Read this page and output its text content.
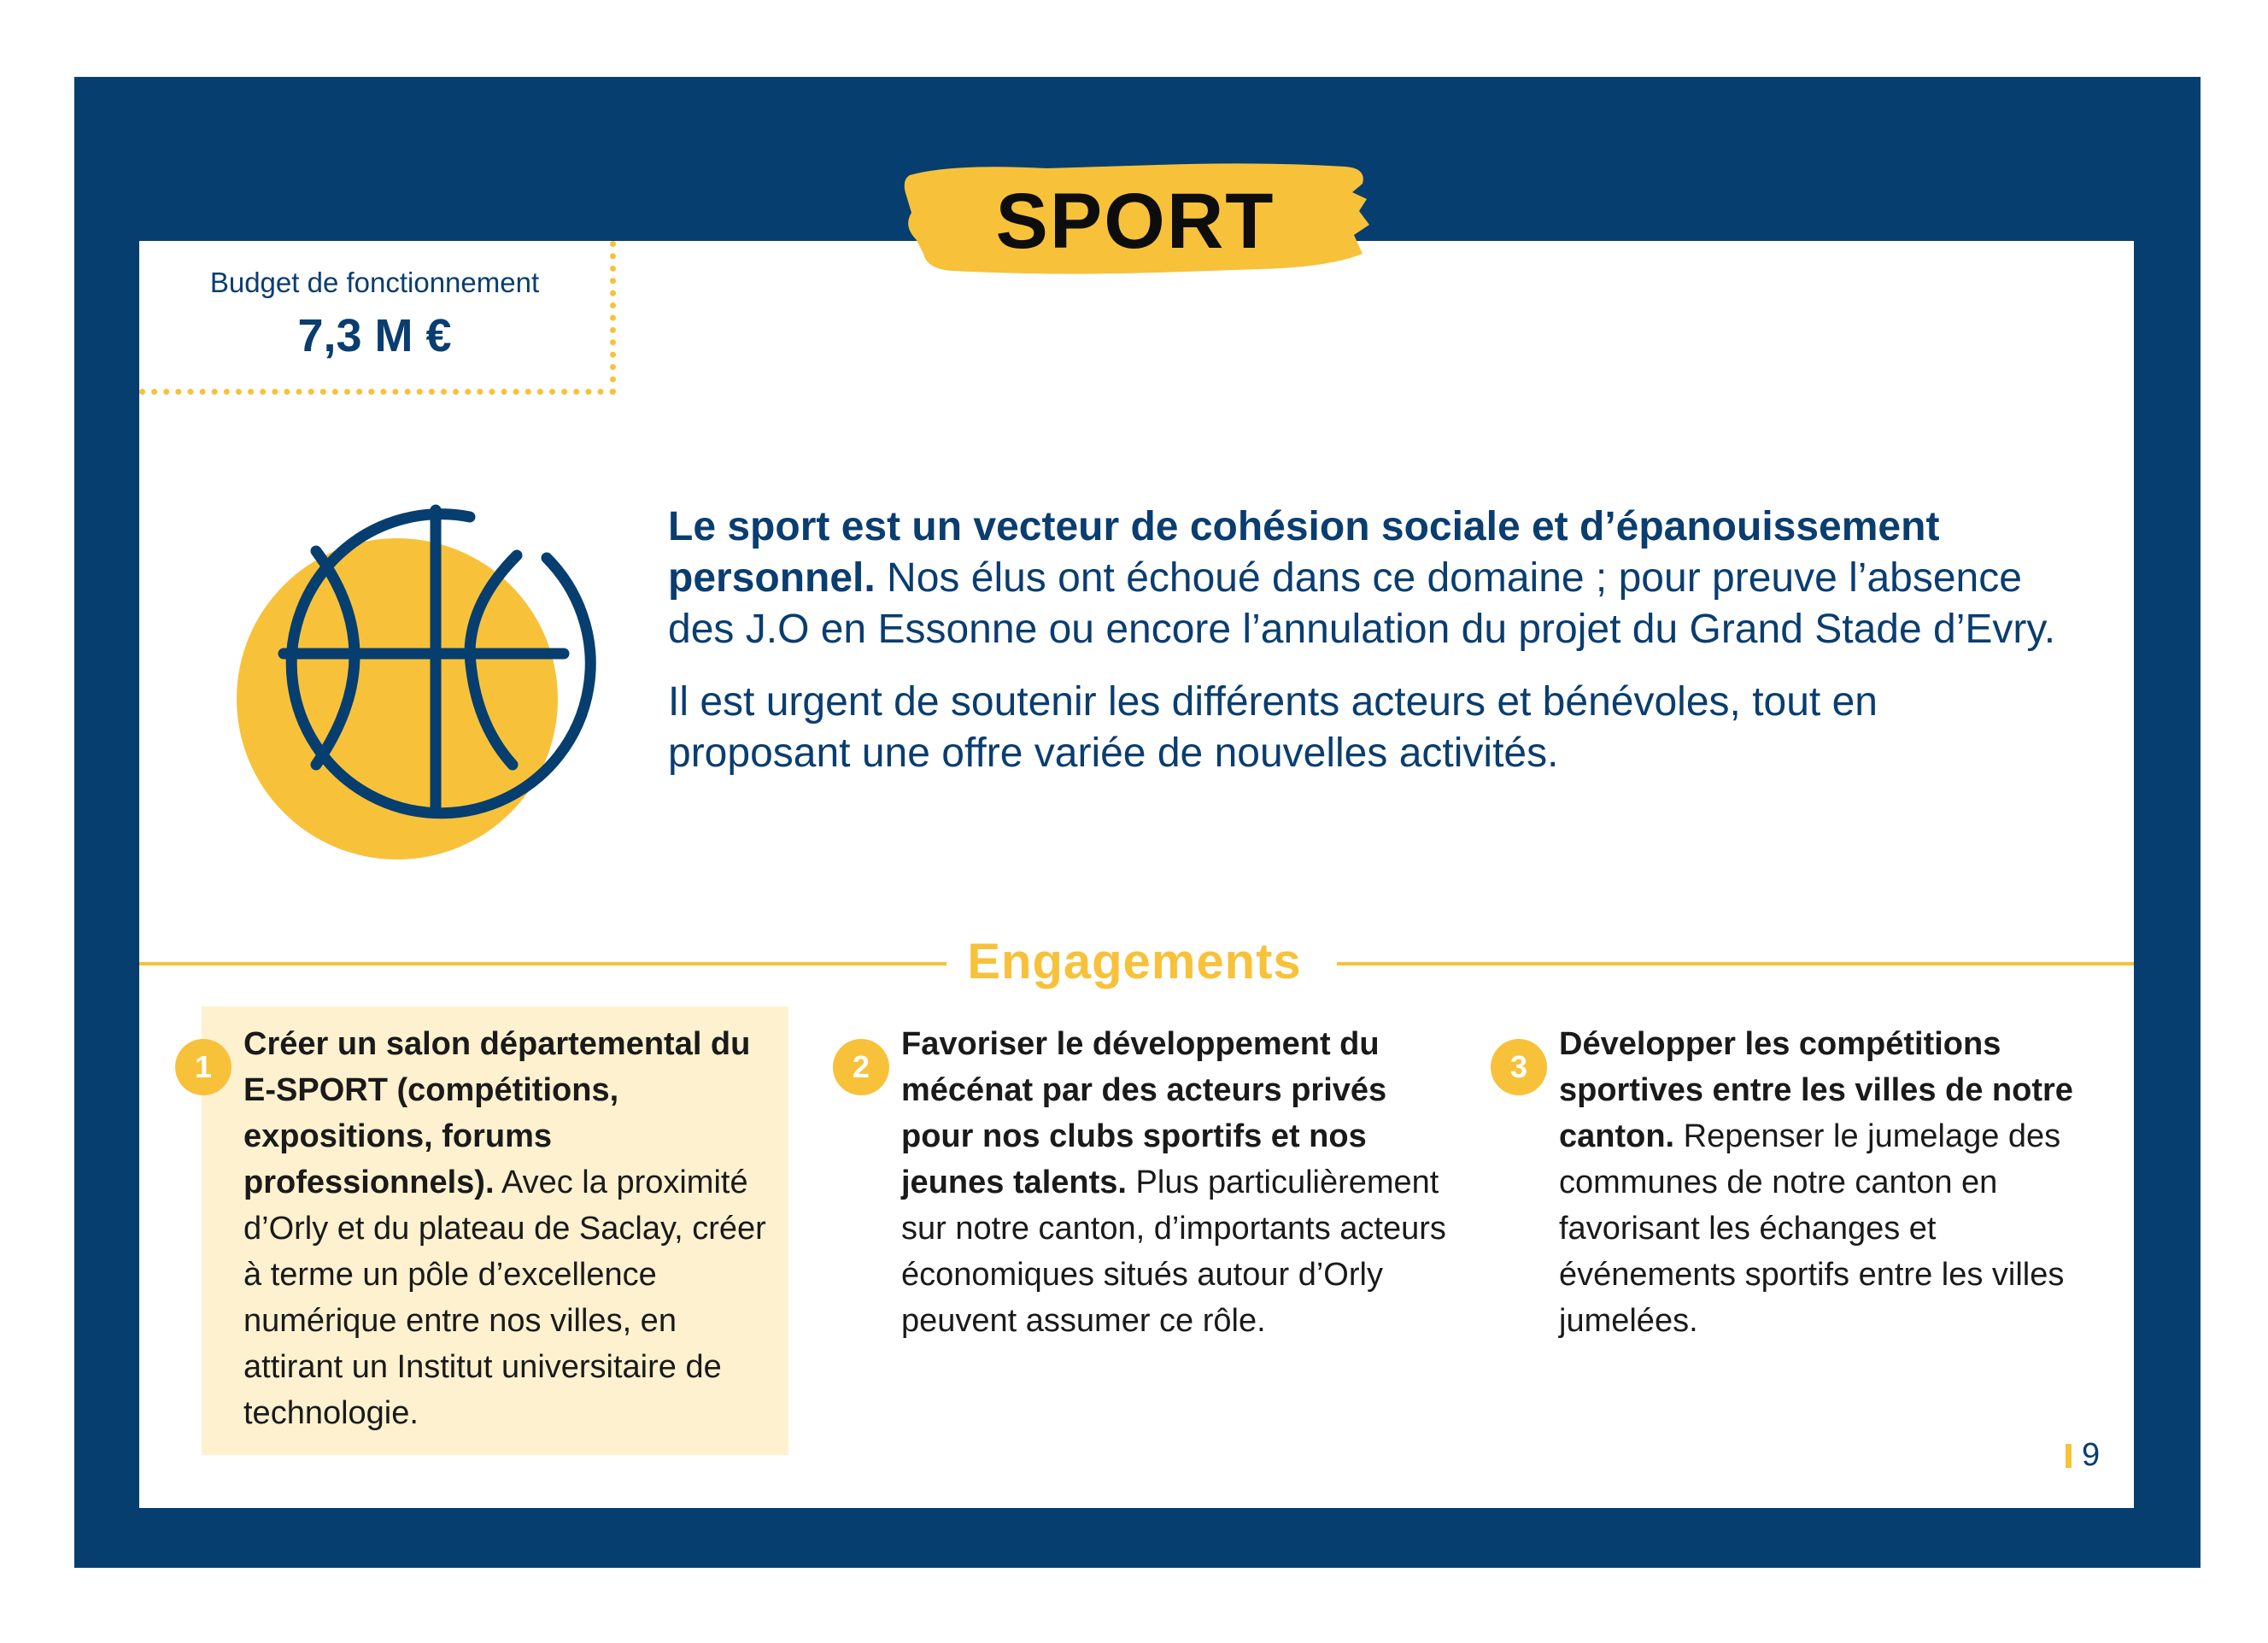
SPORT
Budget de fonctionnement
7,3 M €

Le sport est un vecteur de cohésion sociale et d’épanouissement personnel. Nos élus ont échoué dans ce domaine ; pour preuve l’absence des J.O en Essonne ou encore l’annulation du projet du Grand Stade d’Evry.

Il est urgent de soutenir les différents acteurs et bénévoles, tout en proposant une offre variée de nouvelles activités.

Engagements
1
Créer un salon départemental du E-SPORT (compétitions, expositions, forums professionnels). Avec la proximité d’Orly et du plateau de Saclay, créer à terme un pôle d’excellence numérique entre nos villes, en attirant un Institut universitaire de technologie.
2
Favoriser le développement du mécénat par des acteurs privés pour nos clubs sportifs et nos jeunes talents. Plus particulièrement sur notre canton, d’importants acteurs économiques situés autour d’Orly peuvent assumer ce rôle.
3
Développer les compétitions sportives entre les villes de notre canton. Repenser le jumelage des communes de notre canton en favorisant les échanges et événements sportifs entre les villes jumelées.
9
